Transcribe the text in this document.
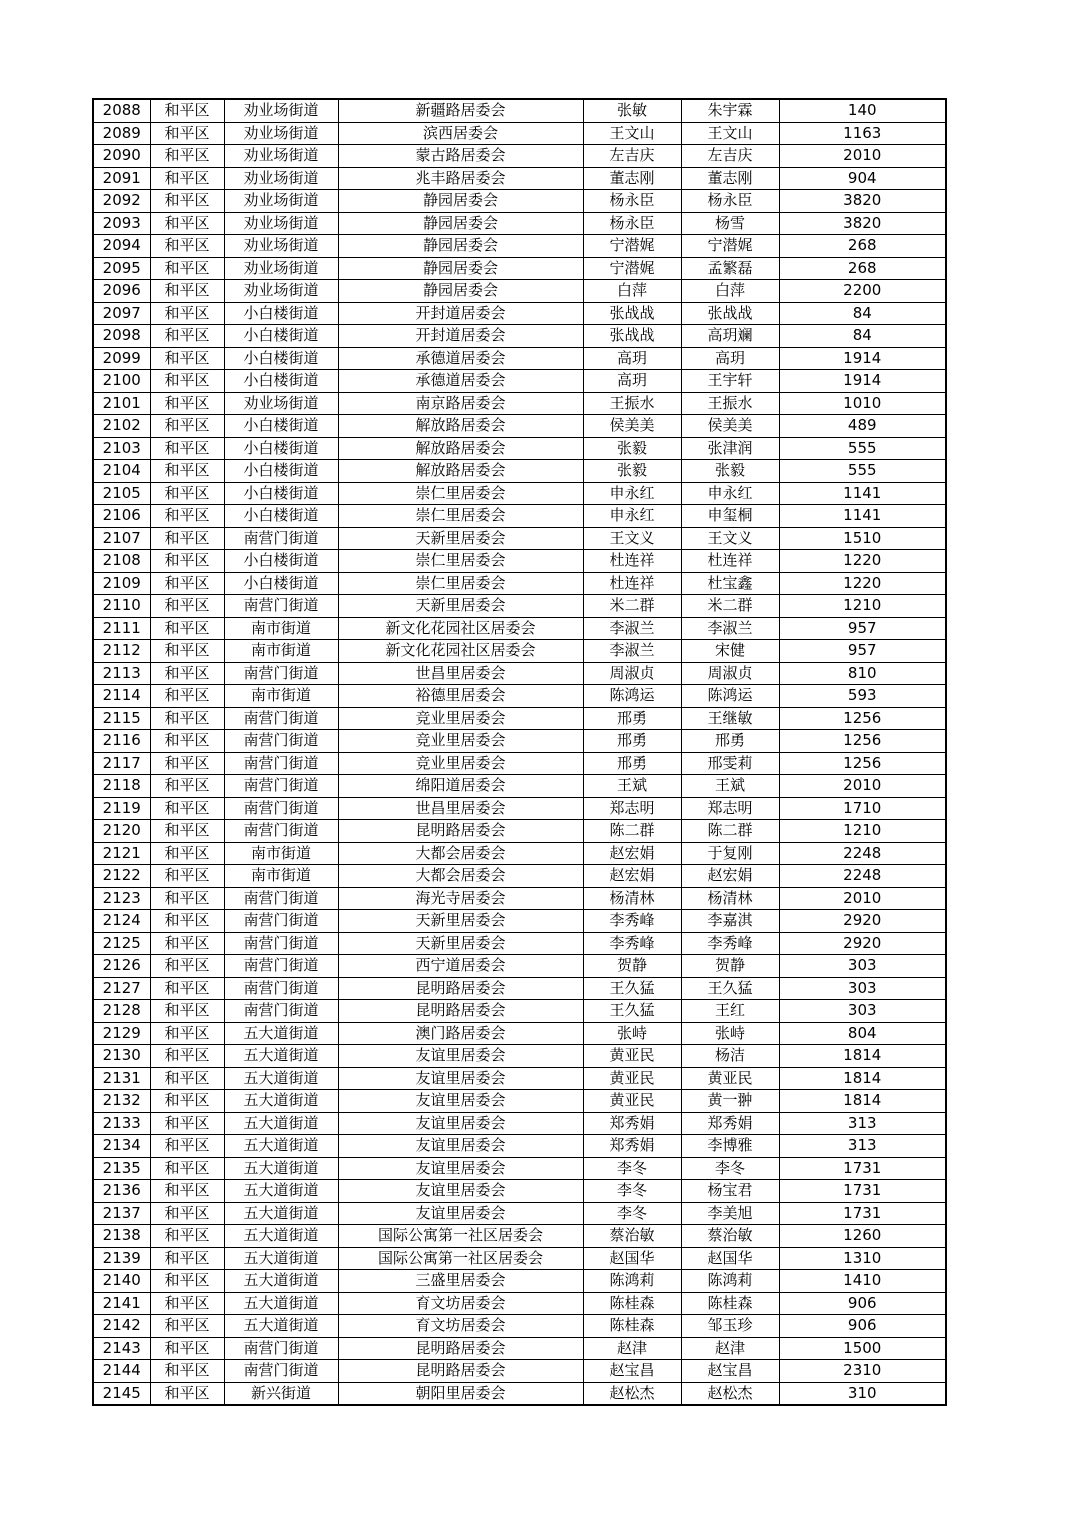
2088	和平区	劝业场街道	新疆路居委会	张敏	朱宇霖	140
2089	和平区	劝业场街道	滨西居委会	王文山	王文山	1163
2090	和平区	劝业场街道	蒙古路居委会	左吉庆	左吉庆	2010
2091	和平区	劝业场街道	兆丰路居委会	董志刚	董志刚	904
2092	和平区	劝业场街道	静园居委会	杨永臣	杨永臣	3820
2093	和平区	劝业场街道	静园居委会	杨永臣	杨雪	3820
2094	和平区	劝业场街道	静园居委会	宁潜娓	宁潜娓	268
2095	和平区	劝业场街道	静园居委会	宁潜娓	孟繁磊	268
2096	和平区	劝业场街道	静园居委会	白萍	白萍	2200
2097	和平区	小白楼街道	开封道居委会	张战战	张战战	84
2098	和平区	小白楼街道	开封道居委会	张战战	高玥斓	84
2099	和平区	小白楼街道	承德道居委会	高玥	高玥	1914
2100	和平区	小白楼街道	承德道居委会	高玥	王宇轩	1914
2101	和平区	劝业场街道	南京路居委会	王振水	王振水	1010
2102	和平区	小白楼街道	解放路居委会	侯美美	侯美美	489
2103	和平区	小白楼街道	解放路居委会	张毅	张津润	555
2104	和平区	小白楼街道	解放路居委会	张毅	张毅	555
2105	和平区	小白楼街道	崇仁里居委会	申永红	申永红	1141
2106	和平区	小白楼街道	崇仁里居委会	申永红	申玺桐	1141
2107	和平区	南营门街道	天新里居委会	王文义	王文义	1510
2108	和平区	小白楼街道	崇仁里居委会	杜连祥	杜连祥	1220
2109	和平区	小白楼街道	崇仁里居委会	杜连祥	杜宝鑫	1220
2110	和平区	南营门街道	天新里居委会	米二群	米二群	1210
2111	和平区	南市街道	新文化花园社区居委会	李淑兰	李淑兰	957
2112	和平区	南市街道	新文化花园社区居委会	李淑兰	宋健	957
2113	和平区	南营门街道	世昌里居委会	周淑贞	周淑贞	810
2114	和平区	南市街道	裕德里居委会	陈鸿运	陈鸿运	593
2115	和平区	南营门街道	竞业里居委会	邢勇	王继敏	1256
2116	和平区	南营门街道	竞业里居委会	邢勇	邢勇	1256
2117	和平区	南营门街道	竞业里居委会	邢勇	邢雯莉	1256
2118	和平区	南营门街道	绵阳道居委会	王斌	王斌	2010
2119	和平区	南营门街道	世昌里居委会	郑志明	郑志明	1710
2120	和平区	南营门街道	昆明路居委会	陈二群	陈二群	1210
2121	和平区	南市街道	大都会居委会	赵宏娟	于复刚	2248
2122	和平区	南市街道	大都会居委会	赵宏娟	赵宏娟	2248
2123	和平区	南营门街道	海光寺居委会	杨清林	杨清林	2010
2124	和平区	南营门街道	天新里居委会	李秀峰	李嘉淇	2920
2125	和平区	南营门街道	天新里居委会	李秀峰	李秀峰	2920
2126	和平区	南营门街道	西宁道居委会	贺静	贺静	303
2127	和平区	南营门街道	昆明路居委会	王久猛	王久猛	303
2128	和平区	南营门街道	昆明路居委会	王久猛	王红	303
2129	和平区	五大道街道	澳门路居委会	张峙	张峙	804
2130	和平区	五大道街道	友谊里居委会	黄亚民	杨洁	1814
2131	和平区	五大道街道	友谊里居委会	黄亚民	黄亚民	1814
2132	和平区	五大道街道	友谊里居委会	黄亚民	黄一翀	1814
2133	和平区	五大道街道	友谊里居委会	郑秀娟	郑秀娟	313
2134	和平区	五大道街道	友谊里居委会	郑秀娟	李博雅	313
2135	和平区	五大道街道	友谊里居委会	李冬	李冬	1731
2136	和平区	五大道街道	友谊里居委会	李冬	杨宝君	1731
2137	和平区	五大道街道	友谊里居委会	李冬	李美旭	1731
2138	和平区	五大道街道	国际公寓第一社区居委会	蔡治敏	蔡治敏	1260
2139	和平区	五大道街道	国际公寓第一社区居委会	赵国华	赵国华	1310
2140	和平区	五大道街道	三盛里居委会	陈鸿莉	陈鸿莉	1410
2141	和平区	五大道街道	育文坊居委会	陈桂森	陈桂森	906
2142	和平区	五大道街道	育文坊居委会	陈桂森	邹玉珍	906
2143	和平区	南营门街道	昆明路居委会	赵津	赵津	1500
2144	和平区	南营门街道	昆明路居委会	赵宝昌	赵宝昌	2310
2145	和平区	新兴街道	朝阳里居委会	赵松杰	赵松杰	310
